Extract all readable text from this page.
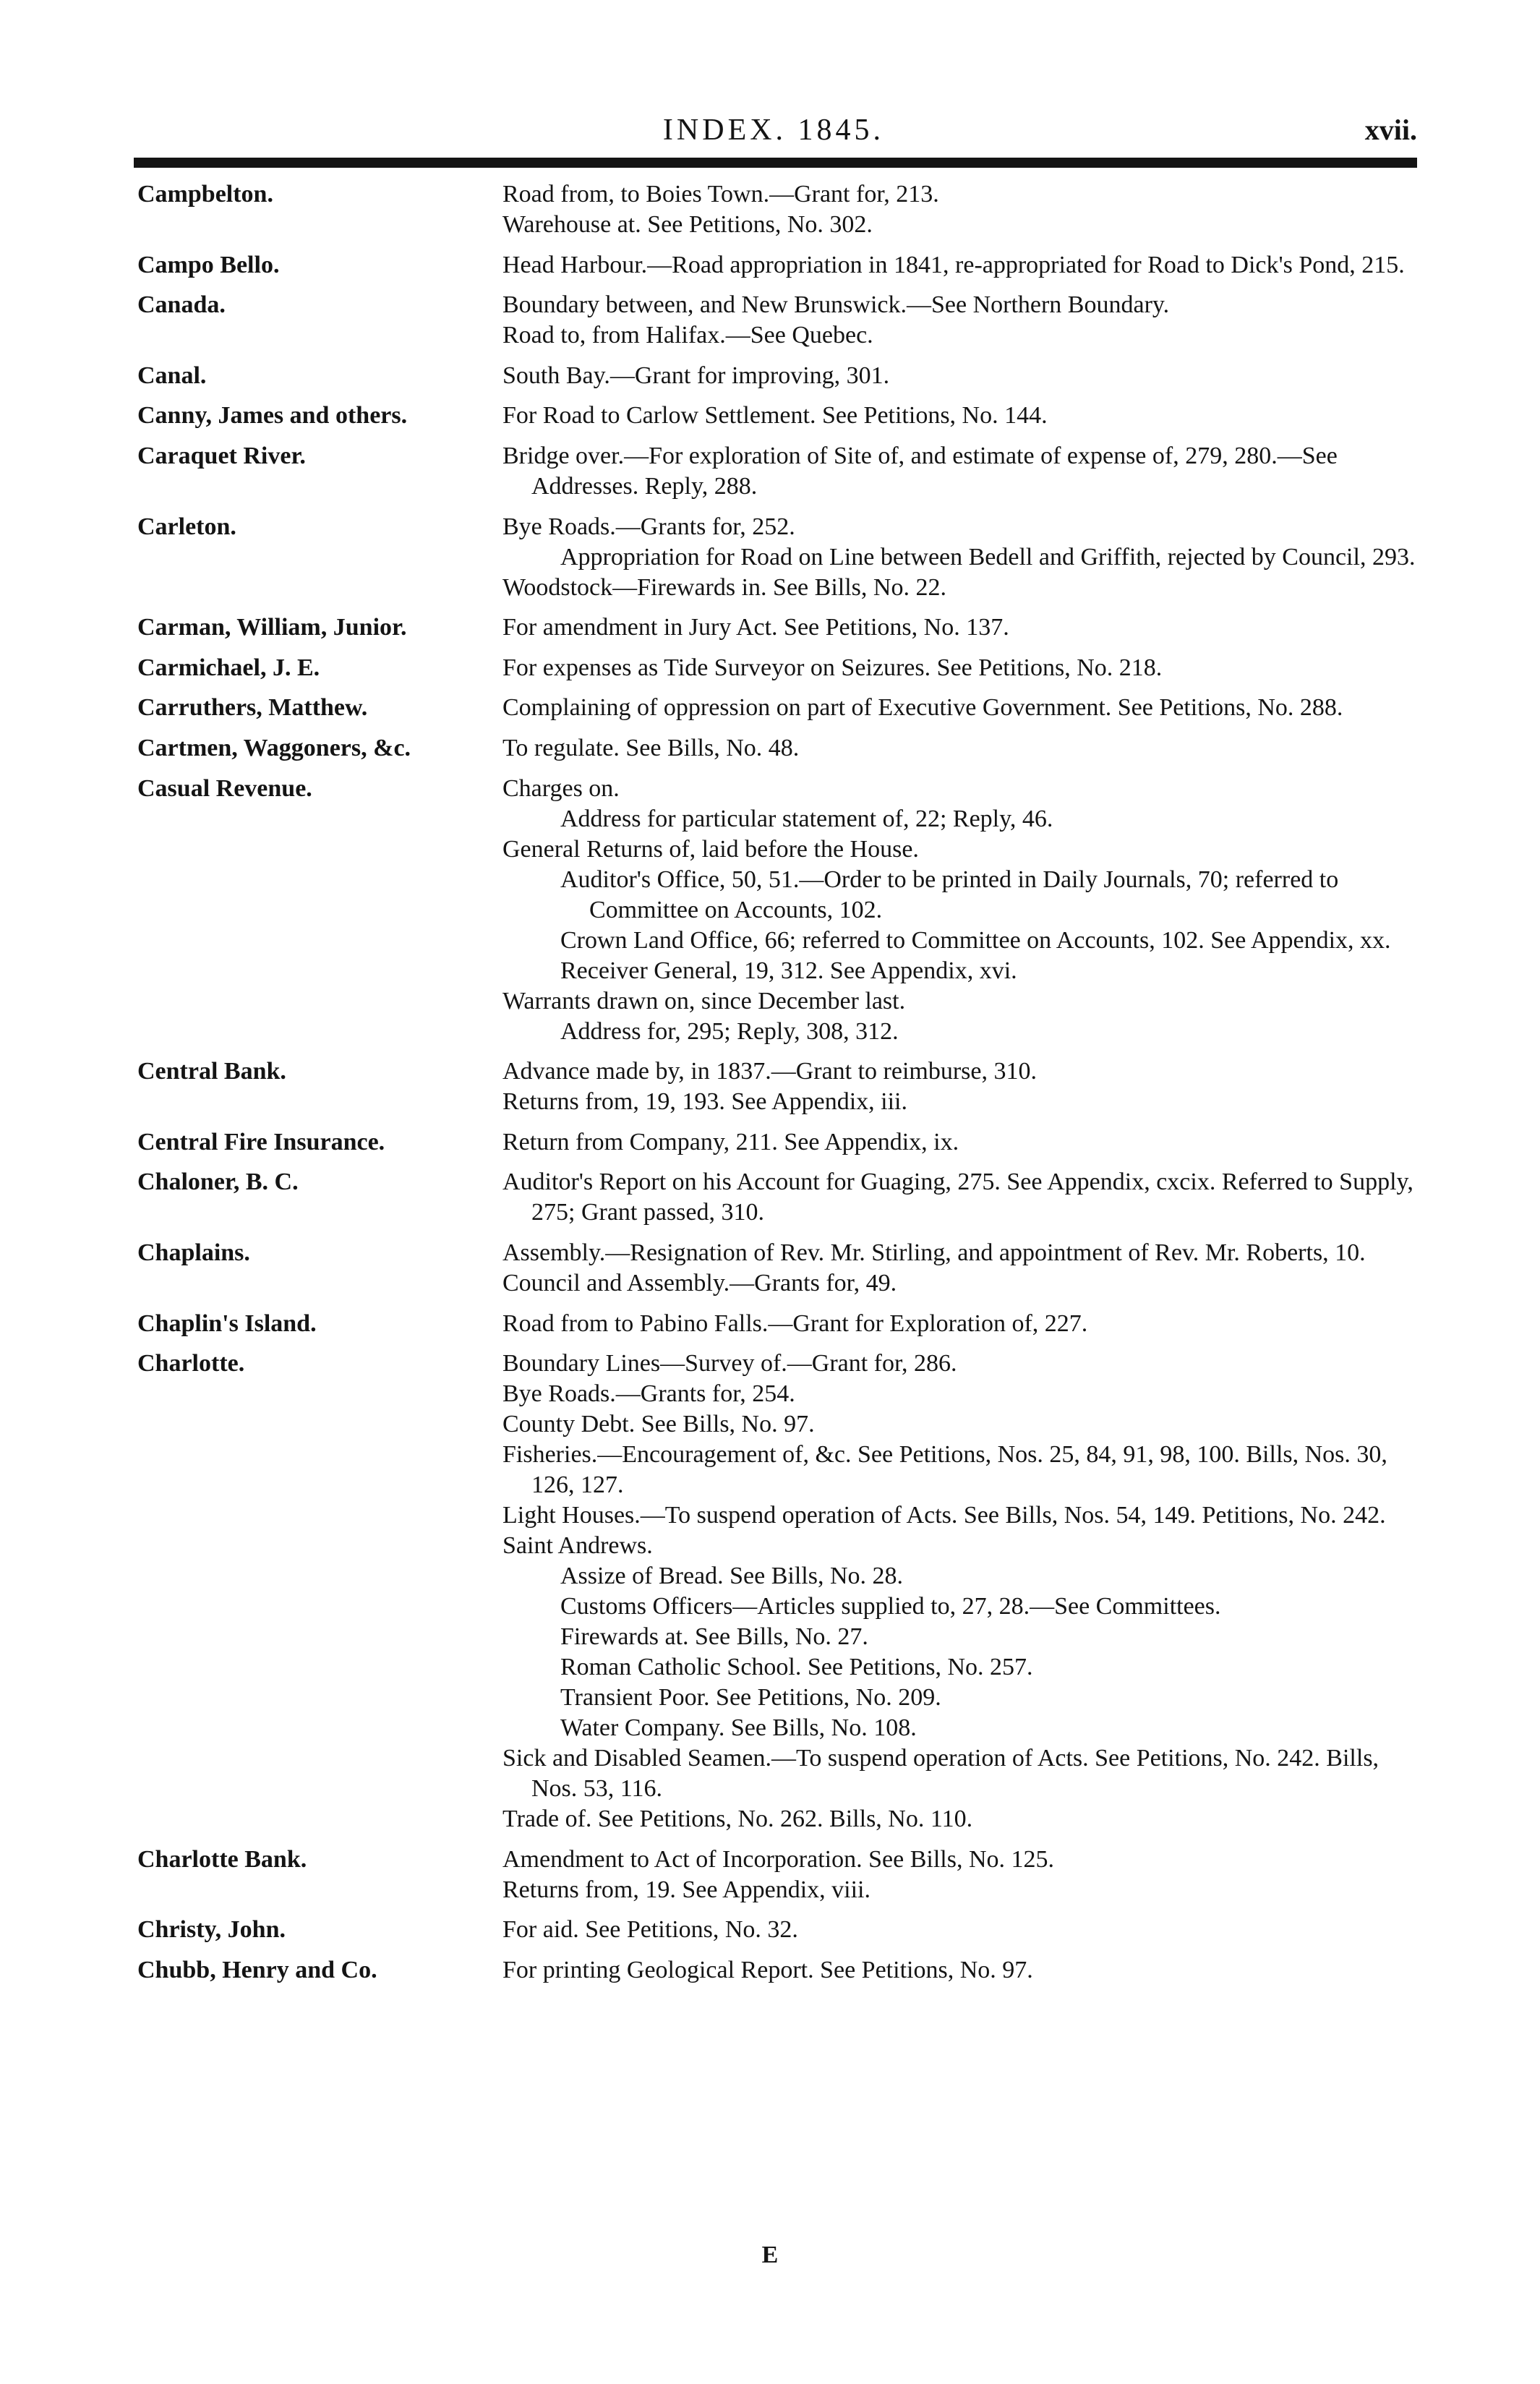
INDEX. 1845.	xvii.
Campbelton.	Road from, to Boies Town.—Grant for, 213.
Warehouse at. See Petitions, No. 302.
Campo Bello.	Head Harbour.—Road appropriation in 1841, re-appropriated for Road to Dick's Pond, 215.
Canada.	Boundary between, and New Brunswick.—See Northern Boundary.
Road to, from Halifax.—See Quebec.
Canal.	South Bay.—Grant for improving, 301.
Canny, James and others.	For Road to Carlow Settlement. See Petitions, No. 144.
Caraquet River.	Bridge over.—For exploration of Site of, and estimate of expense of, 279, 280.—See Addresses. Reply, 288.
Carleton.	Bye Roads.—Grants for, 252.
Appropriation for Road on Line between Bedell and Griffith, rejected by Council, 293.
Woodstock—Firewards in. See Bills, No. 22.
Carman, William, Junior.	For amendment in Jury Act. See Petitions, No. 137.
Carmichael, J. E.	For expenses as Tide Surveyor on Seizures. See Petitions, No. 218.
Carruthers, Matthew.	Complaining of oppression on part of Executive Government. See Petitions, No. 288.
Cartmen, Waggoners, &c.	To regulate. See Bills, No. 48.
Casual Revenue.	Charges on.
Address for particular statement of, 22; Reply, 46.
General Returns of, laid before the House.
Auditor's Office, 50, 51.—Order to be printed in Daily Journals, 70; referred to Committee on Accounts, 102.
Crown Land Office, 66; referred to Committee on Accounts, 102. See Appendix, xx.
Receiver General, 19, 312. See Appendix, xvi.
Warrants drawn on, since December last.
Address for, 295; Reply, 308, 312.
Central Bank.	Advance made by, in 1837.—Grant to reimburse, 310.
Returns from, 19, 193. See Appendix, iii.
Central Fire Insurance.	Return from Company, 211. See Appendix, ix.
Chaloner, B. C.	Auditor's Report on his Account for Guaging, 275. See Appendix, cxcix. Referred to Supply, 275; Grant passed, 310.
Chaplains.	Assembly.—Resignation of Rev. Mr. Stirling, and appointment of Rev. Mr. Roberts, 10.
Council and Assembly.—Grants for, 49.
Chaplin's Island.	Road from to Pabino Falls.—Grant for Exploration of, 227.
Charlotte.	Boundary Lines—Survey of.—Grant for, 286.
Bye Roads.—Grants for, 254.
County Debt. See Bills, No. 97.
Fisheries.—Encouragement of, &c. See Petitions, Nos. 25, 84, 91, 98, 100. Bills, Nos. 30, 126, 127.
Light Houses.—To suspend operation of Acts. See Bills, Nos. 54, 149. Petitions, No. 242.
Saint Andrews.
Assize of Bread. See Bills, No. 28.
Customs Officers—Articles supplied to, 27, 28.—See Committees.
Firewards at. See Bills, No. 27.
Roman Catholic School. See Petitions, No. 257.
Transient Poor. See Petitions, No. 209.
Water Company. See Bills, No. 108.
Sick and Disabled Seamen.—To suspend operation of Acts. See Petitions, No. 242. Bills, Nos. 53, 116.
Trade of. See Petitions, No. 262. Bills, No. 110.
Charlotte Bank.	Amendment to Act of Incorporation. See Bills, No. 125.
Returns from, 19. See Appendix, viii.
Christy, John.	For aid. See Petitions, No. 32.
Chubb, Henry and Co.	For printing Geological Report. See Petitions, No. 97.
E
